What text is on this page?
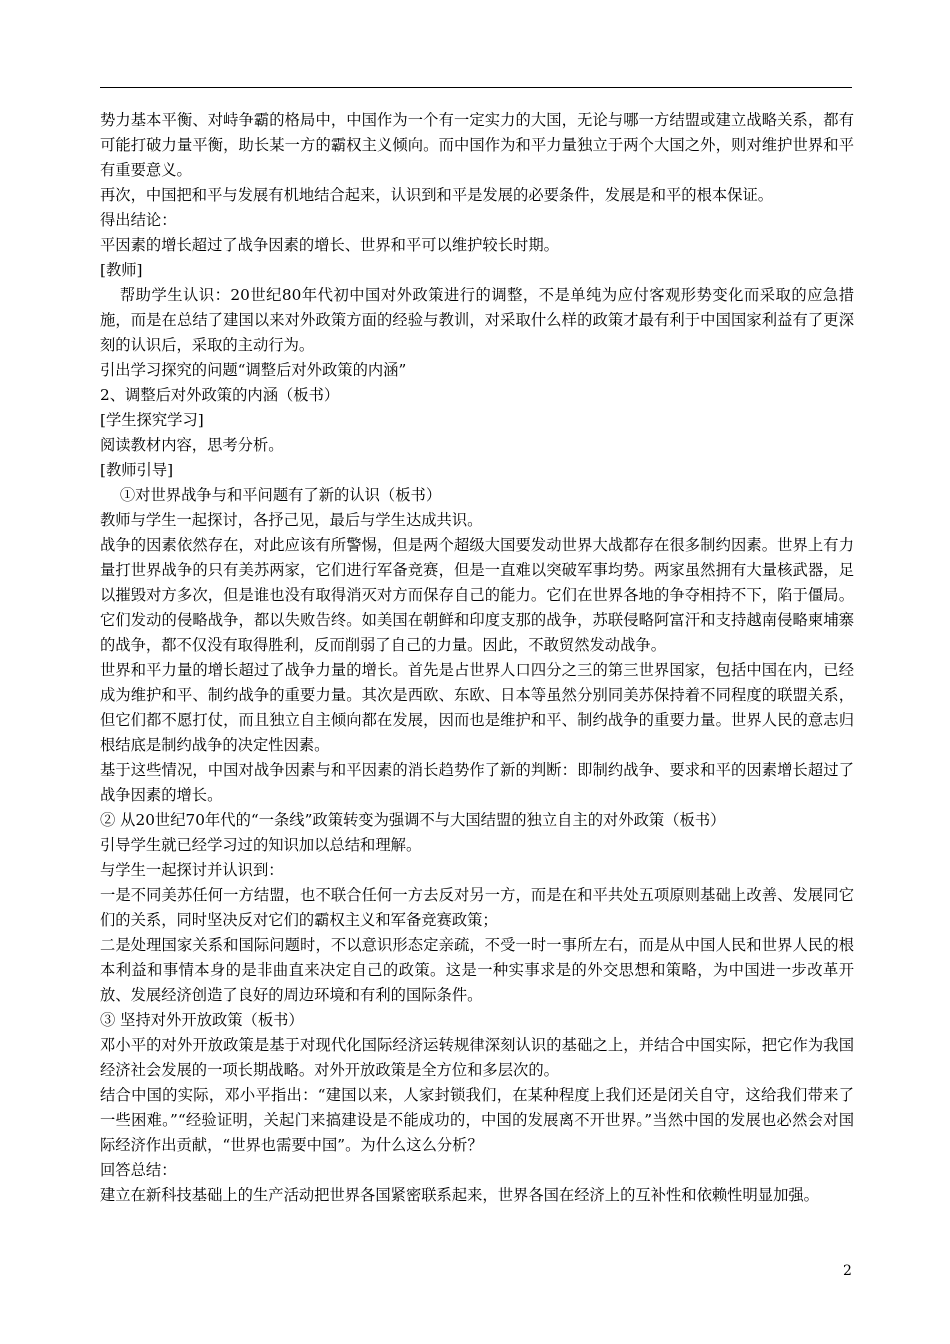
势力基本平衡、对峙争霸的格局中，中国作为一个有一定实力的大国，无论与哪一方结盟或建立战略关系，都有可能打破力量平衡，助长某一方的霸权主义倾向。而中国作为和平力量独立于两个大国之外，则对维护世界和平有重要意义。

再次，中国把和平与发展有机地结合起来，认识到和平是发展的必要条件，发展是和平的根本保证。

得出结论：

平因素的增长超过了战争因素的增长、世界和平可以维护较长时期。

[教师]

帮助学生认识：20世纪80年代初中国对外政策进行的调整，不是单纯为应付客观形势变化而采取的应急措施，而是在总结了建国以来对外政策方面的经验与教训，对采取什么样的政策才最有利于中国国家利益有了更深刻的认识后，采取的主动行为。

引出学习探究的问题“调整后对外政策的内涵”

2、调整后对外政策的内涵（板书）

[学生探究学习]

阅读教材内容，思考分析。

[教师引导]

①对世界战争与和平问题有了新的认识（板书）

教师与学生一起探讨，各抒己见，最后与学生达成共识。

战争的因素依然存在，对此应该有所警惕，但是两个超级大国要发动世界大战都存在很多制约因素。世界上有力量打世界战争的只有美苏两家，它们进行军备竞赛，但是一直难以突破军事均势。两家虽然拥有大量核武器，足以摧毁对方多次，但是谁也没有取得消灭对方而保存自己的能力。它们在世界各地的争夺相持不下，陷于僵局。它们发动的侵略战争，都以失败告终。如美国在朝鲜和印度支那的战争，苏联侵略阿富汗和支持越南侵略柬埔寨的战争，都不仅没有取得胜利，反而削弱了自己的力量。因此，不敢贸然发动战争。

世界和平力量的增长超过了战争力量的增长。首先是占世界人口四分之三的第三世界国家，包括中国在内，已经成为维护和平、制约战争的重要力量。其次是西欧、东欧、日本等虽然分别同美苏保持着不同程度的联盟关系，但它们都不愿打仗，而且独立自主倾向都在发展，因而也是维护和平、制约战争的重要力量。世界人民的意志归根结底是制约战争的决定性因素。

基于这些情况，中国对战争因素与和平因素的消长趋势作了新的判断：即制约战争、要求和平的因素增长超过了战争因素的增长。

② 从20世纪70年代的“一条线”政策转变为强调不与大国结盟的独立自主的对外政策（板书）

引导学生就已经学习过的知识加以总结和理解。

与学生一起探讨并认识到：

一是不同美苏任何一方结盟，也不联合任何一方去反对另一方，而是在和平共处五项原则基础上改善、发展同它们的关系，同时坚决反对它们的霸权主义和军备竞赛政策；

二是处理国家关系和国际问题时，不以意识形态定亲疏，不受一时一事所左右，而是从中国人民和世界人民的根本利益和事情本身的是非曲直来决定自己的政策。这是一种实事求是的外交思想和策略，为中国进一步改革开放、发展经济创造了良好的周边环境和有利的国际条件。

③ 坚持对外开放政策（板书）

邓小平的对外开放政策是基于对现代化国际经济运转规律深刻认识的基础之上，并结合中国实际，把它作为我国经济社会发展的一项长期战略。对外开放政策是全方位和多层次的。

结合中国的实际，邓小平指出：“建国以来，人家封锁我们，在某种程度上我们还是闭关自守，这给我们带来了一些困难。”“经验证明，关起门来搞建设是不能成功的，中国的发展离不开世界。”当然中国的发展也必然会对国际经济作出贡献，“世界也需要中国”。为什么这么分析？

回答总结：

建立在新科技基础上的生产活动把世界各国紧密联系起来，世界各国在经济上的互补性和依赖性明显加强。

2
